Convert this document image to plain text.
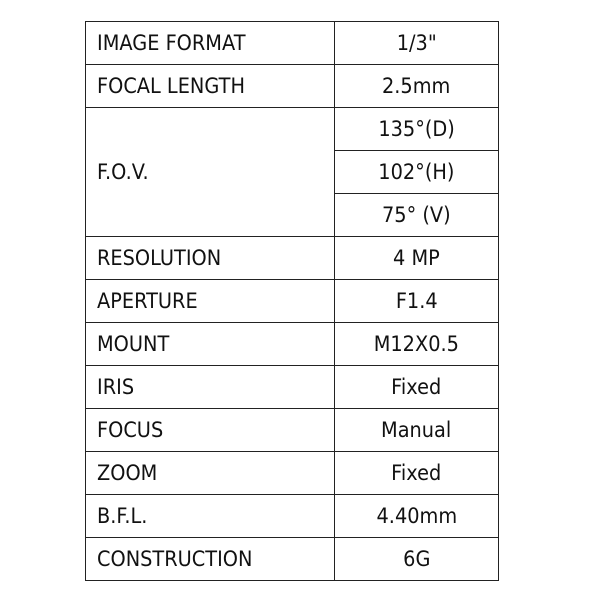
IMAGE FORMAT	1/3"
FOCAL LENGTH	2.5mm
F.O.V.	135°(D)
	102°(H)
	75° (V)
RESOLUTION	4 MP
APERTURE	F1.4
MOUNT	M12X0.5
IRIS	Fixed
FOCUS	Manual
ZOOM	Fixed
B.F.L.	4.40mm
CONSTRUCTION	6G
